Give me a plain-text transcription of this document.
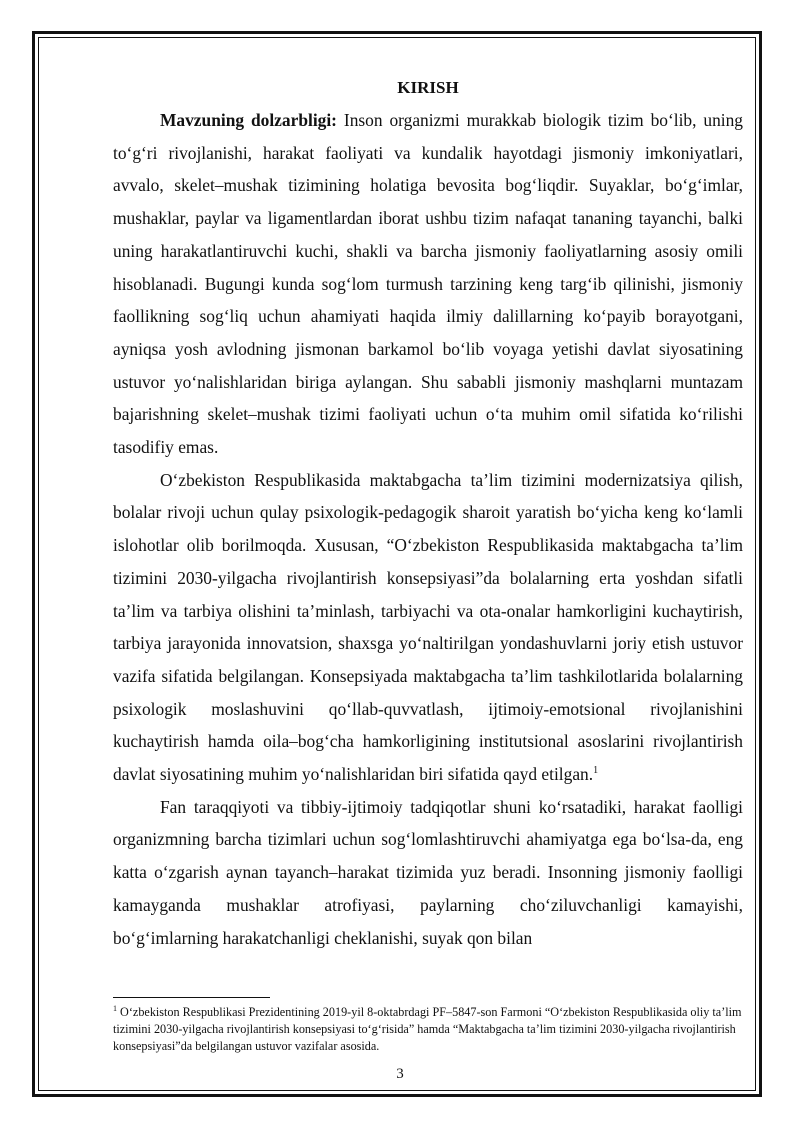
KIRISH

Mavzuning dolzarbligi: Inson organizmi murakkab biologik tizim bo‘lib, uning to‘g‘ri rivojlanishi, harakat faoliyati va kundalik hayotdagi jismoniy imkoniyatlari, avvalo, skelet–mushak tizimining holatiga bevosita bog‘liqdir. Suyaklar, bo‘g‘imlar, mushaklar, paylar va ligamentlardan iborat ushbu tizim nafaqat tananing tayanchi, balki uning harakatlantiruvchi kuchi, shakli va barcha jismoniy faoliyatlarning asosiy omili hisoblanadi. Bugungi kunda sog‘lom turmush tarzining keng targ‘ib qilinishi, jismoniy faollikning sog‘liq uchun ahamiyati haqida ilmiy dalillarning ko‘payib borayotgani, ayniqsa yosh avlodning jismonan barkamol bo‘lib voyaga yetishi davlat siyosatining ustuvor yo‘nalishlaridan biriga aylangan. Shu sababli jismoniy mashqlarni muntazam bajarishning skelet–mushak tizimi faoliyati uchun o‘ta muhim omil sifatida ko‘rilishi tasodifiy emas.

O‘zbekiston Respublikasida maktabgacha ta’lim tizimini modernizatsiya qilish, bolalar rivoji uchun qulay psixologik-pedagogik sharoit yaratish bo‘yicha keng ko‘lamli islohotlar olib borilmoqda. Xususan, “O‘zbekiston Respublikasida maktabgacha ta’lim tizimini 2030-yilgacha rivojlantirish konsepsiyasi”da bolalarning erta yoshdan sifatli ta’lim va tarbiya olishini ta’minlash, tarbiyachi va ota-onalar hamkorligini kuchaytirish, tarbiya jarayonida innovatsion, shaxsga yo‘naltirilgan yondashuvlarni joriy etish ustuvor vazifa sifatida belgilangan. Konsepsiyada maktabgacha ta’lim tashkilotlarida bolalarning psixologik moslashuvini qo‘llab-quvvatlash, ijtimoiy-emotsional rivojlanishini kuchaytirish hamda oila–bog‘cha hamkorligining institutsional asoslarini rivojlantirish davlat siyosatining muhim yo‘nalishlaridan biri sifatida qayd etilgan.$^1$

Fan taraqqiyoti va tibbiy-ijtimoiy tadqiqotlar shuni ko‘rsatadiki, harakat faolligi organizmning barcha tizimlari uchun sog‘lomlashtiruvchi ahamiyatga ega bo‘lsa-da, eng katta o‘zgarish aynan tayanch–harakat tizimida yuz beradi. Insonning jismoniy faolligi kamayganda mushaklar atrofiyasi, paylarning cho‘ziluvchanligi kamayishi, bo‘g‘imlarning harakatchanligi cheklanishi, suyak qon bilan

$^1$ O‘zbekiston Respublikasi Prezidentining 2019-yil 8-oktabrdagi PF–5847-son Farmoni “O‘zbekiston Respublikasida oliy ta’lim tizimini 2030-yilgacha rivojlantirish konsepsiyasi to‘g‘risida” hamda “Maktabgacha ta’lim tizimini 2030-yilgacha rivojlantirish konsepsiyasi”da belgilangan ustuvor vazifalar asosida.

3
